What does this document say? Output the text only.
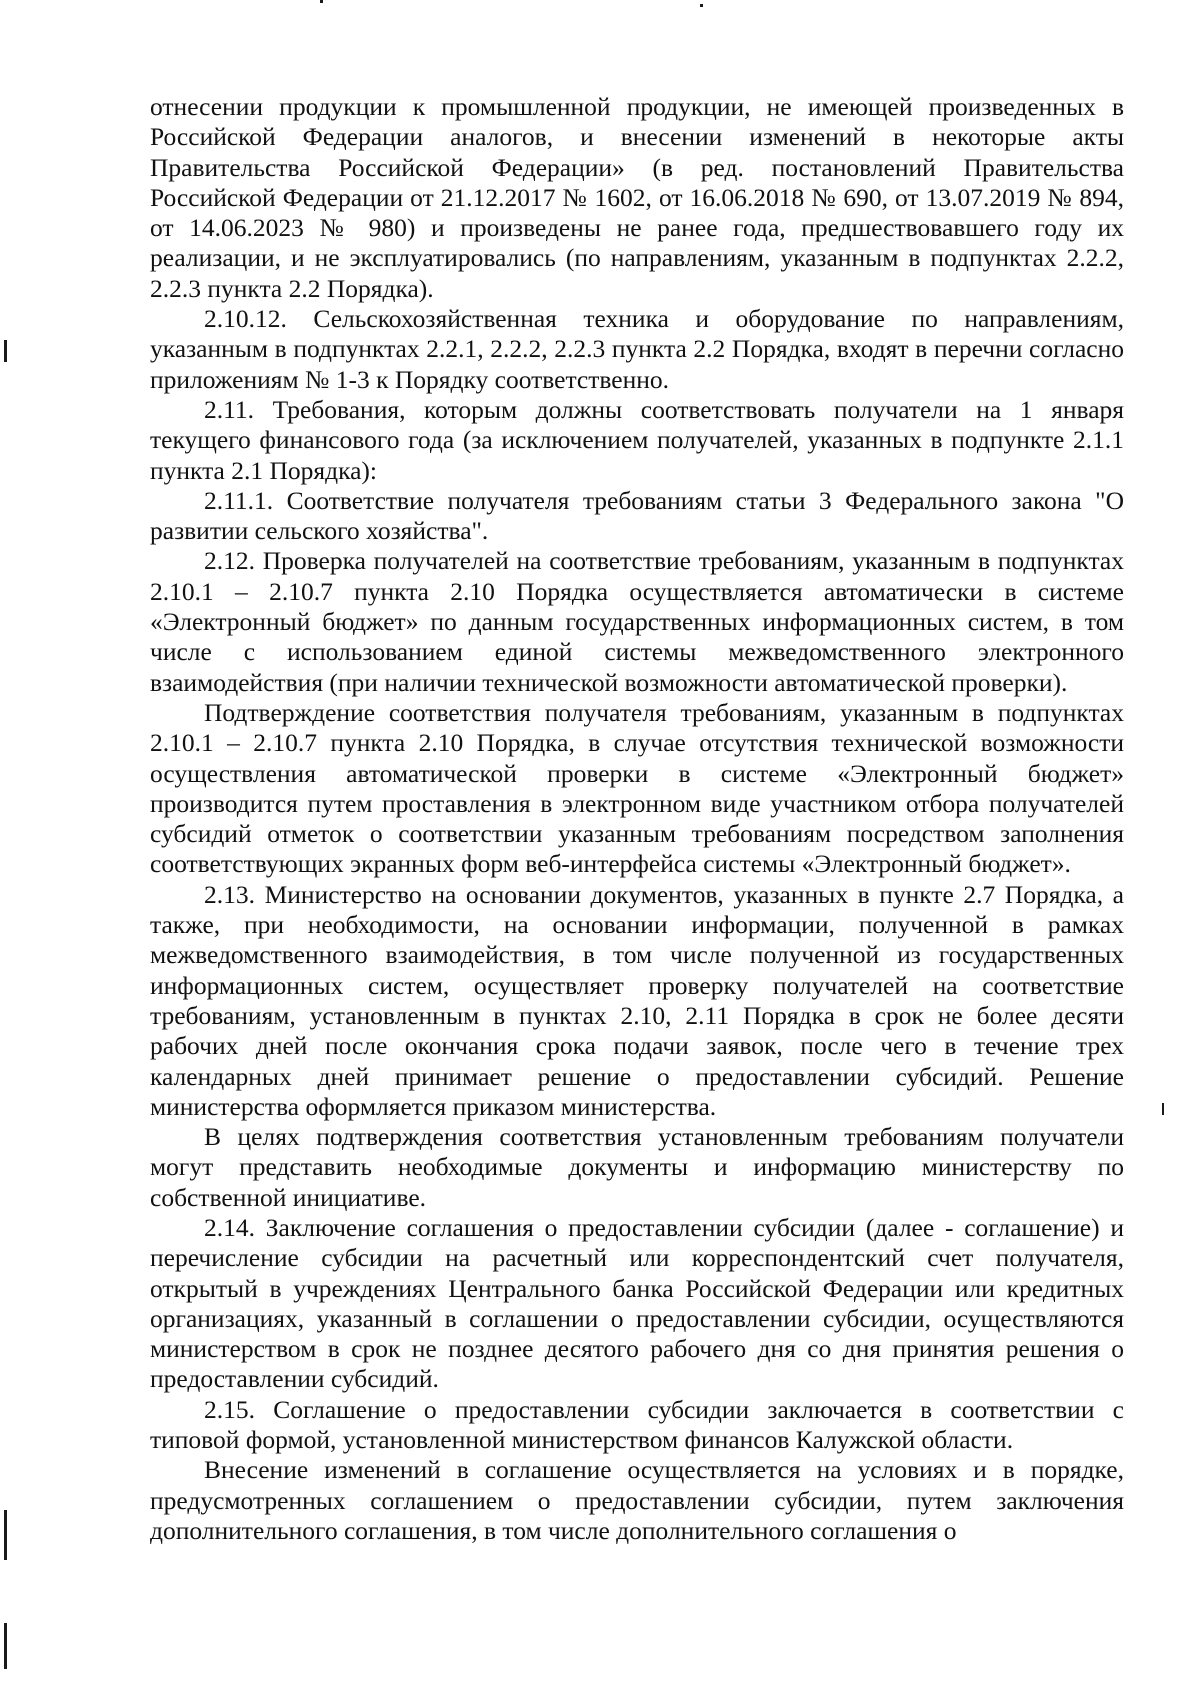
отнесении продукции к промышленной продукции, не имеющей произведенных в Российской Федерации аналогов, и внесении изменений в некоторые акты Правительства Российской Федерации» (в ред. постановлений Правительства Российской Федерации от 21.12.2017 № 1602, от 16.06.2018 № 690, от 13.07.2019 № 894, от 14.06.2023 № 980) и произведены не ранее года, предшествовавшего году их реализации, и не эксплуатировались (по направлениям, указанным в подпунктах 2.2.2, 2.2.3 пункта 2.2 Порядка).

2.10.12. Сельскохозяйственная техника и оборудование по направлениям, указанным в подпунктах 2.2.1, 2.2.2, 2.2.3 пункта 2.2 Порядка, входят в перечни согласно приложениям № 1-3 к Порядку соответственно.

2.11. Требования, которым должны соответствовать получатели на 1 января текущего финансового года (за исключением получателей, указанных в подпункте 2.1.1 пункта 2.1 Порядка):

2.11.1. Соответствие получателя требованиям статьи 3 Федерального закона "О развитии сельского хозяйства".

2.12. Проверка получателей на соответствие требованиям, указанным в подпунктах 2.10.1 – 2.10.7 пункта 2.10 Порядка осуществляется автоматически в системе «Электронный бюджет» по данным государственных информационных систем, в том числе с использованием единой системы межведомственного электронного взаимодействия (при наличии технической возможности автоматической проверки).

Подтверждение соответствия получателя требованиям, указанным в подпунктах 2.10.1 – 2.10.7 пункта 2.10 Порядка, в случае отсутствия технической возможности осуществления автоматической проверки в системе «Электронный бюджет» производится путем проставления в электронном виде участником отбора получателей субсидий отметок о соответствии указанным требованиям посредством заполнения соответствующих экранных форм веб-интерфейса системы «Электронный бюджет».

2.13. Министерство на основании документов, указанных в пункте 2.7 Порядка, а также, при необходимости, на основании информации, полученной в рамках межведомственного взаимодействия, в том числе полученной из государственных информационных систем, осуществляет проверку получателей на соответствие требованиям, установленным в пунктах 2.10, 2.11 Порядка в срок не более десяти рабочих дней после окончания срока подачи заявок, после чего в течение трех календарных дней принимает решение о предоставлении субсидий. Решение министерства оформляется приказом министерства.

В целях подтверждения соответствия установленным требованиям получатели могут представить необходимые документы и информацию министерству по собственной инициативе.

2.14. Заключение соглашения о предоставлении субсидии (далее - соглашение) и перечисление субсидии на расчетный или корреспондентский счет получателя, открытый в учреждениях Центрального банка Российской Федерации или кредитных организациях, указанный в соглашении о предоставлении субсидии, осуществляются министерством в срок не позднее десятого рабочего дня со дня принятия решения о предоставлении субсидий.

2.15. Соглашение о предоставлении субсидии заключается в соответствии с типовой формой, установленной министерством финансов Калужской области.

Внесение изменений в соглашение осуществляется на условиях и в порядке, предусмотренных соглашением о предоставлении субсидии, путем заключения дополнительного соглашения, в том числе дополнительного соглашения о
